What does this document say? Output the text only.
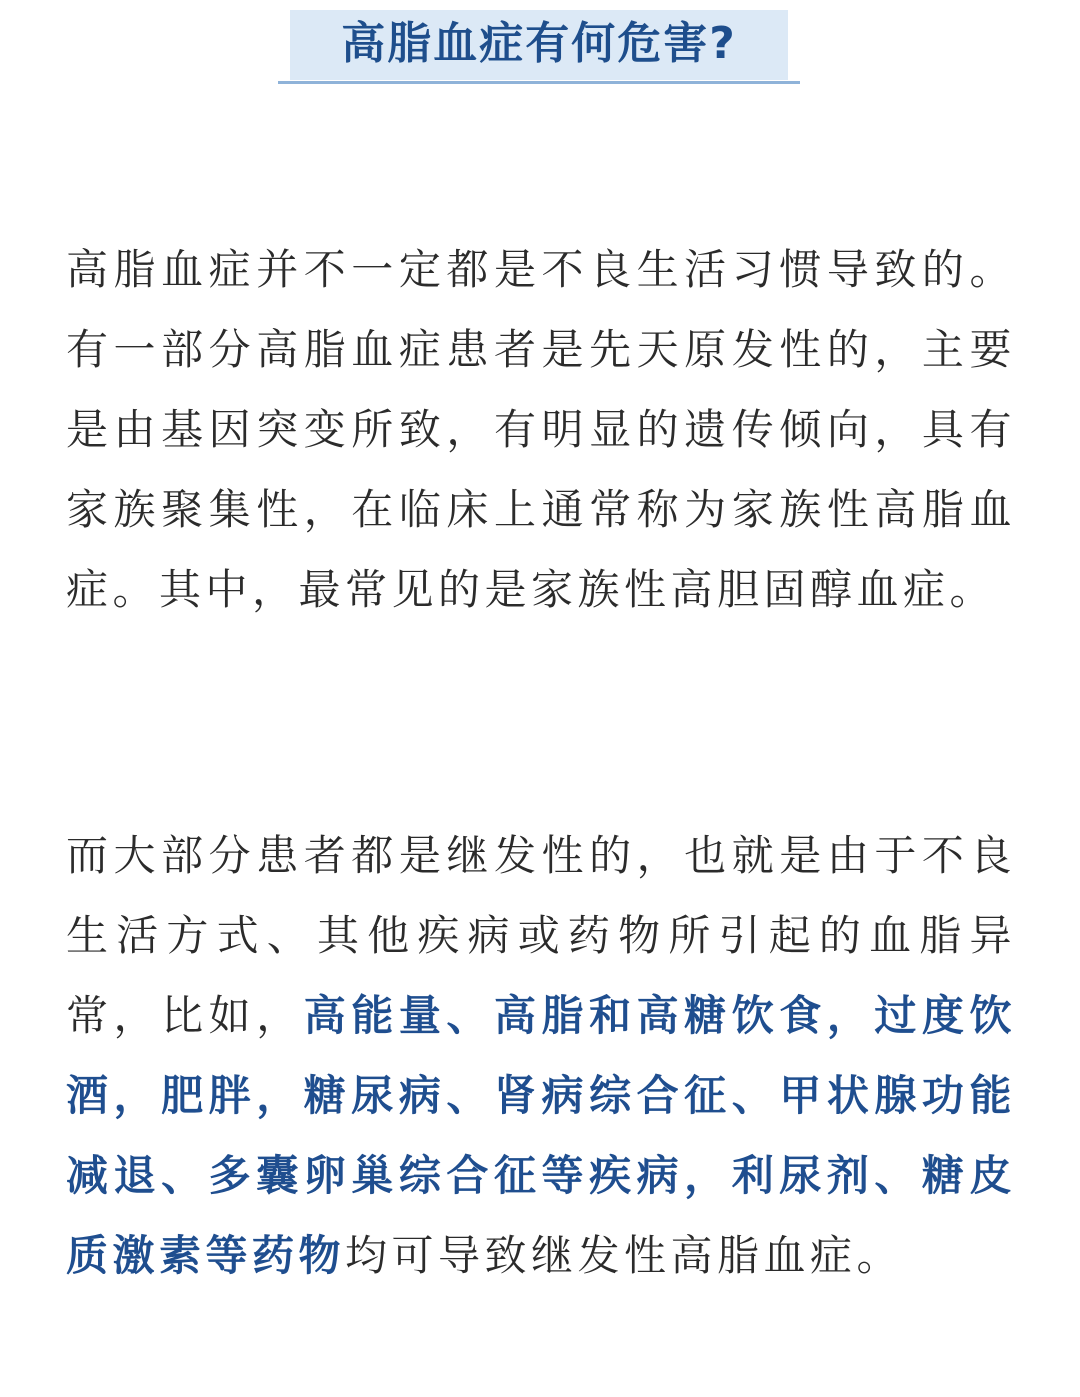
高脂血症有何危害?

高脂血症并不一定都是不良生活习惯导致的。有一部分高脂血症患者是先天原发性的，主要是由基因突变所致，有明显的遗传倾向，具有家族聚集性，在临床上通常称为家族性高脂血症。其中，最常见的是家族性高胆固醇血症。

而大部分患者都是继发性的，也就是由于不良生活方式、其他疾病或药物所引起的血脂异常，比如，高能量、高脂和高糖饮食，过度饮酒，肥胖，糖尿病、肾病综合征、甲状腺功能减退、多囊卵巢综合征等疾病，利尿剂、糖皮质激素等药物均可导致继发性高脂血症。
